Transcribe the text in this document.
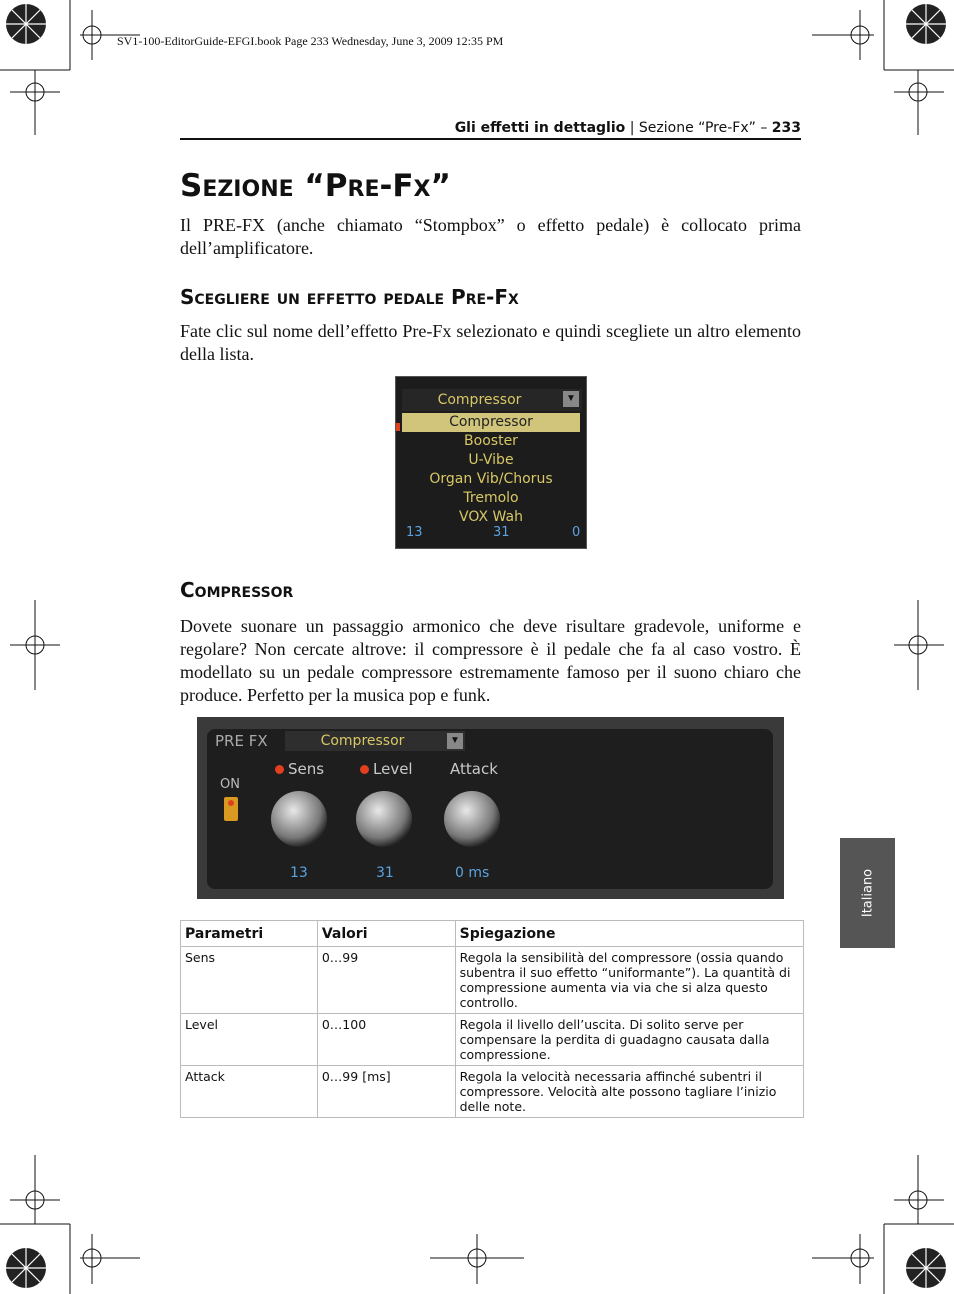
SV1-100-EditorGuide-EFGI.book Page 233 Wednesday, June 3, 2009 12:35 PM
Gli effetti in dettaglio | Sezione “Pre-Fx” – 233
Sezione “Pre-Fx”
Il PRE-FX (anche chiamato “Stompbox” o effetto pedale) è collocato prima dell’amplificatore.
Scegliere un effetto pedale Pre-Fx
Fate clic sul nome dell’effetto Pre-Fx selezionato e quindi scegliete un altro elemento della lista.
Compressor	▼
Compressor
Booster
U-Vibe
Organ Vib/Chorus
Tremolo
VOX Wah
13	31	0
Compressor
Dovete suonare un passaggio armonico che deve risultare gradevole, uniforme e regolare? Non cercate altrove: il compressore è il pedale che fa al caso vostro. È modellato su un pedale compressore estremamente famoso per il suono chiaro che produce. Perfetto per la musica pop e funk.
PRE FX	Compressor	▼
ON
Sens
13
Level
31
Attack
0 ms
Parametri	Valori	Spiegazione
Sens	0…99	Regola la sensibilità del compressore (ossia quando subentra il suo effetto “uniformante”). La quantità di compressione aumenta via via che si alza questo controllo.
Level	0…100	Regola il livello dell’uscita. Di solito serve per compensare la perdita di guadagno causata dalla compressione.
Attack	0…99 [ms]	Regola la velocità necessaria affinché subentri il compressore. Velocità alte possono tagliare l’inizio delle note.
Italiano
